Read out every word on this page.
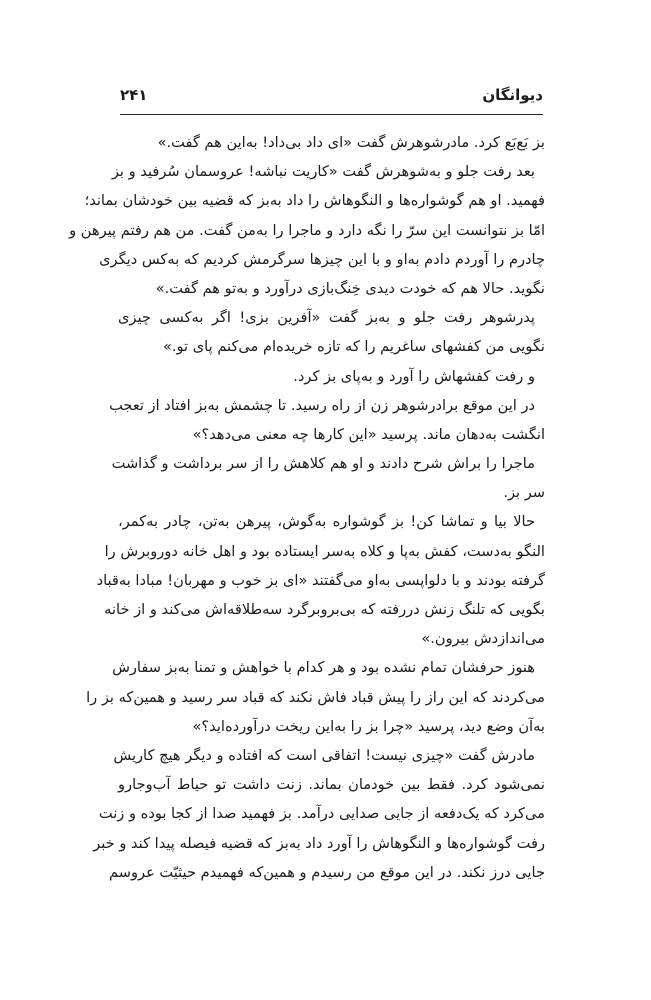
دیوانگان
۲۴۱
بز بَع‌بَع کرد. مادرشوهرش گفت «ای داد بی‌داد! به‌این هم گفت.»
بعد رفت جلو و به‌شوهرش گفت «کاریت نباشه! عروسمان سُرفید و بز
فهمید. او هم گوشواره‌ها و النگوهاش را داد به‌بز که قضیه بین خودشان بماند؛
امّا بز نتوانست این سرّ را نگه دارد و ماجرا را به‌من گفت. من هم رفتم پیرهن و
چادرم را آوردم دادم به‌او و با این چیزها سرگرمش کردیم که به‌کس دیگری
نگوید. حالا هم که خودت دیدی خِنگ‌بازی درآورد و به‌تو هم گفت.»
پدرشوهر رفت جلو و به‌بز گفت «آفرین بزی! اگر به‌کسی چیزی
نگویی من کفشهای ساغریم را که تازه خریده‌ام می‌کنم پای تو.»
و رفت کفشهاش را آورد و به‌پای بز کرد.
در این موقع برادرشوهر زن از راه رسید. تا چشمش به‌بز افتاد از تعجب
انگشت به‌دهان ماند. پرسید «این کارها چه معنی می‌دهد؟»
ماجرا را براش شرح دادند و او هم کلاهش را از سر برداشت و گذاشت
سر بز.
حالا بیا و تماشا کن! بز گوشواره به‌گوش، پیرهن به‌تن، چادر به‌کمر،
النگو به‌دست، کفش به‌پا و کلاه به‌سر ایستاده بود و اهل خانه دوروبرش را
گرفته بودند و با دلواپسی به‌او می‌گفتند «ای بز خوب و مهربان! مبادا به‌قباد
بگویی که تلنگ زنش دررفته که بی‌بروبرگرد سه‌طلاقه‌اش می‌کند و از خانه
می‌اندازدش بیرون.»
هنوز حرفشان تمام نشده بود و هر کدام با خواهش و تمنا به‌بز سفارش
می‌کردند که این راز را پیش قباد فاش نکند که قباد سر رسید و همین‌که بز را
به‌آن وضع دید، پرسید «چرا بز را به‌این ریخت درآورده‌اید؟»
مادرش گفت «چیزی نیست! اتفاقی است که افتاده و دیگر هیچ کاریش
نمی‌شود کرد. فقط بین خودمان بماند. زنت داشت تو حیاط آب‌وجارو
می‌کرد که یک‌دفعه از جایی صدایی درآمد. بز فهمید صدا از کجا بوده و زنت
رفت گوشواره‌ها و النگوهاش را آورد داد به‌بز که قضیه فیصله پیدا کند و خبر
جایی درز نکند. در این موقع من رسیدم و همین‌که فهمیدم حیثیّت عروسم
